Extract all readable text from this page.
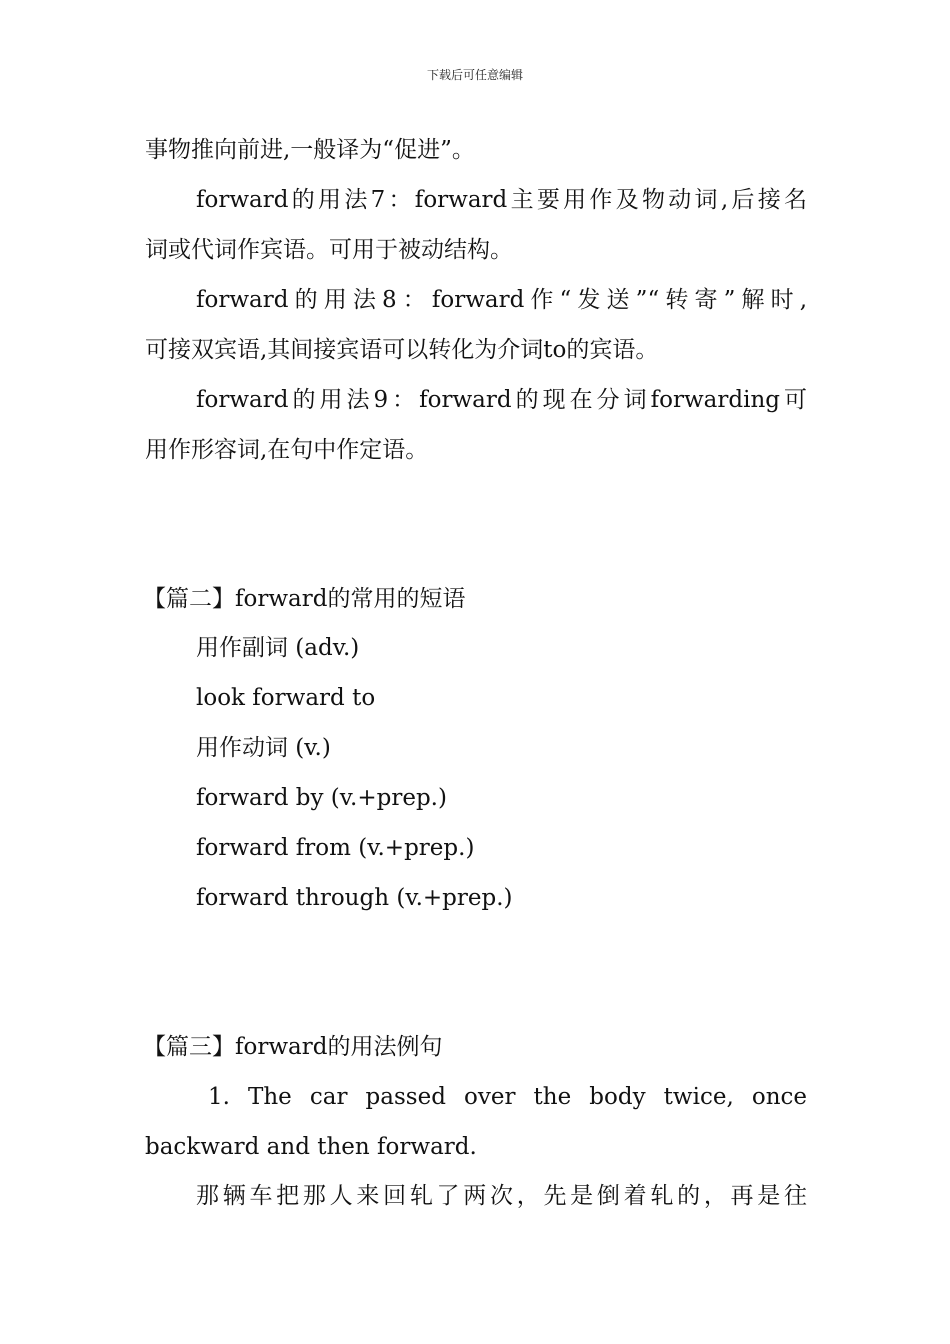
下载后可任意编辑
事物推向前进,一般译为“促进”。
forward的用法7：forward主要用作及物动词,后接名
词或代词作宾语。可用于被动结构。
forward的用法8：forward作“发送”“转寄”解时,
可接双宾语,其间接宾语可以转化为介词to的宾语。
forward的用法9：forward的现在分词forwarding可
用作形容词,在句中作定语。
【篇二】forward的常用的短语
用作副词 (adv.)
look forward to
用作动词 (v.)
forward by (v.+prep.)
forward from (v.+prep.)
forward through (v.+prep.)
【篇三】forward的用法例句
1. The car passed over the body twice, once
backward and then forward.
那辆车把那人来回轧了两次，先是倒着轧的，再是往
